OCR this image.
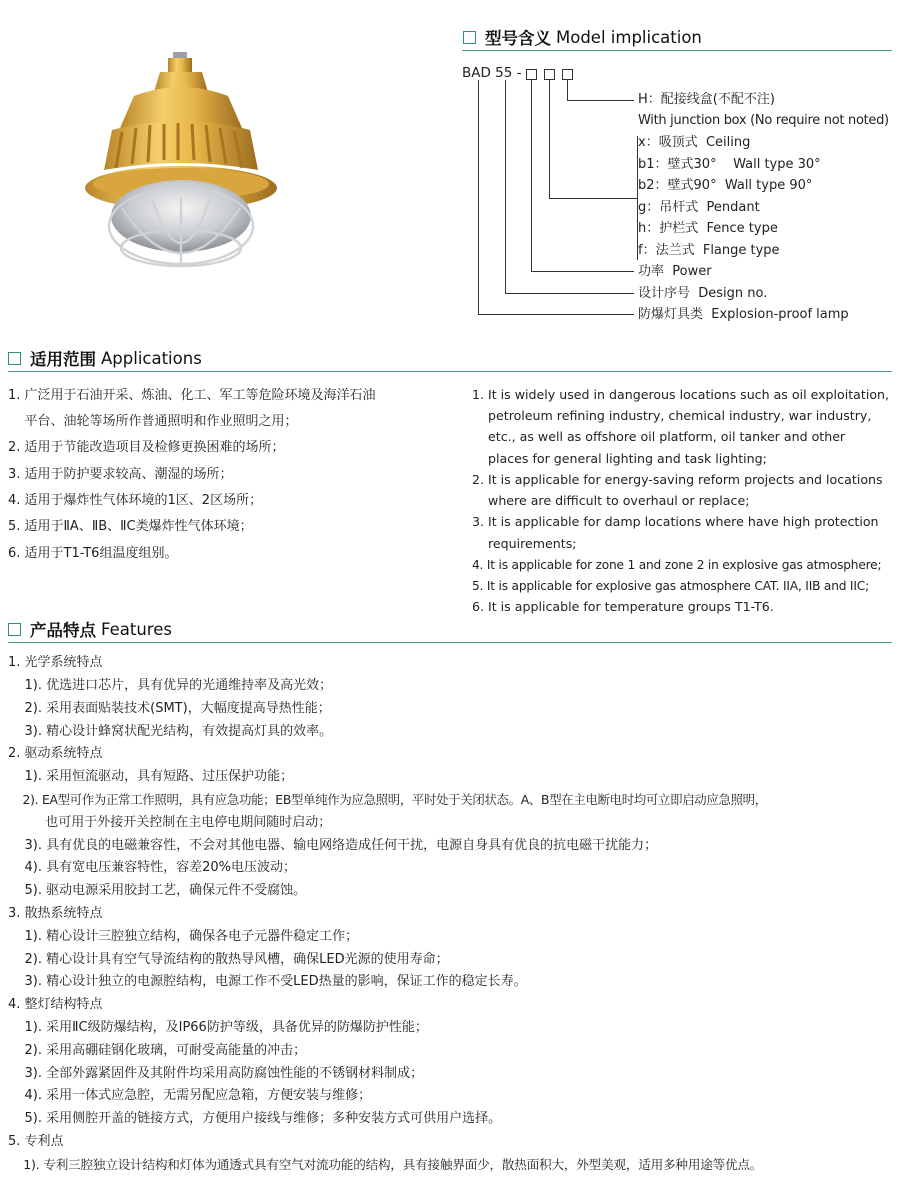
型号含义 Model implication
BAD 55 -
H：配接线盒(不配不注)
With junction box (No require not noted)
x：吸顶式  Ceiling
b1：壁式30°    Wall type 30°
b2：壁式90°  Wall type 90°
g：吊杆式  Pendant
h：护栏式  Fence type
f：法兰式  Flange type
功率  Power
设计序号  Design no.
防爆灯具类  Explosion-proof lamp
适用范围 Applications
1. 广泛用于石油开采、炼油、化工、军工等危险环境及海洋石油
平台、油轮等场所作普通照明和作业照明之用；
2. 适用于节能改造项目及检修更换困难的场所；
3. 适用于防护要求较高、潮湿的场所；
4. 适用于爆炸性气体环境的1区、2区场所；
5. 适用于ⅡA、ⅡB、ⅡC类爆炸性气体环境；
6. 适用于T1-T6组温度组别。
1. It is widely used in dangerous locations such as oil exploitation,
petroleum refining industry, chemical industry, war industry,
etc., as well as offshore oil platform, oil tanker and other
places for general lighting and task lighting;
2. It is applicable for energy-saving reform projects and locations
where are difficult to overhaul or replace;
3. It is applicable for damp locations where have high protection
requirements;
4. It is applicable for zone 1 and zone 2 in explosive gas atmosphere;
5. It is applicable for explosive gas atmosphere CAT. IIA, IIB and IIC;
6. It is applicable for temperature groups T1-T6.
产品特点 Features
1. 光学系统特点
1). 优选进口芯片，具有优异的光通维持率及高光效；
2). 采用表面贴装技术(SMT)，大幅度提高导热性能；
3). 精心设计蜂窝状配光结构，有效提高灯具的效率。
2. 驱动系统特点
1). 采用恒流驱动，具有短路、过压保护功能；
2). EA型可作为正常工作照明，具有应急功能；EB型单纯作为应急照明，平时处于关闭状态。A、B型在主电断电时均可立即启动应急照明，
也可用于外接开关控制在主电停电期间随时启动；
3). 具有优良的电磁兼容性，不会对其他电器、输电网络造成任何干扰，电源自身具有优良的抗电磁干扰能力；
4). 具有宽电压兼容特性，容差20%电压波动；
5). 驱动电源采用胶封工艺，确保元件不受腐蚀。
3. 散热系统特点
1). 精心设计三腔独立结构，确保各电子元器件稳定工作；
2). 精心设计具有空气导流结构的散热导风槽，确保LED光源的使用寿命；
3). 精心设计独立的电源腔结构，电源工作不受LED热量的影响，保证工作的稳定长寿。
4. 整灯结构特点
1). 采用ⅡC级防爆结构，及IP66防护等级，具备优异的防爆防护性能；
2). 采用高硼硅钢化玻璃，可耐受高能量的冲击；
3). 全部外露紧固件及其附件均采用高防腐蚀性能的不锈钢材料制成；
4). 采用一体式应急腔，无需另配应急箱，方便安装与维修；
5). 采用侧腔开盖的链接方式，方便用户接线与维修；多种安装方式可供用户选择。
5. 专利点
1). 专利三腔独立设计结构和灯体为通透式具有空气对流功能的结构，具有接触界面少，散热面积大，外型美观，适用多种用途等优点。
